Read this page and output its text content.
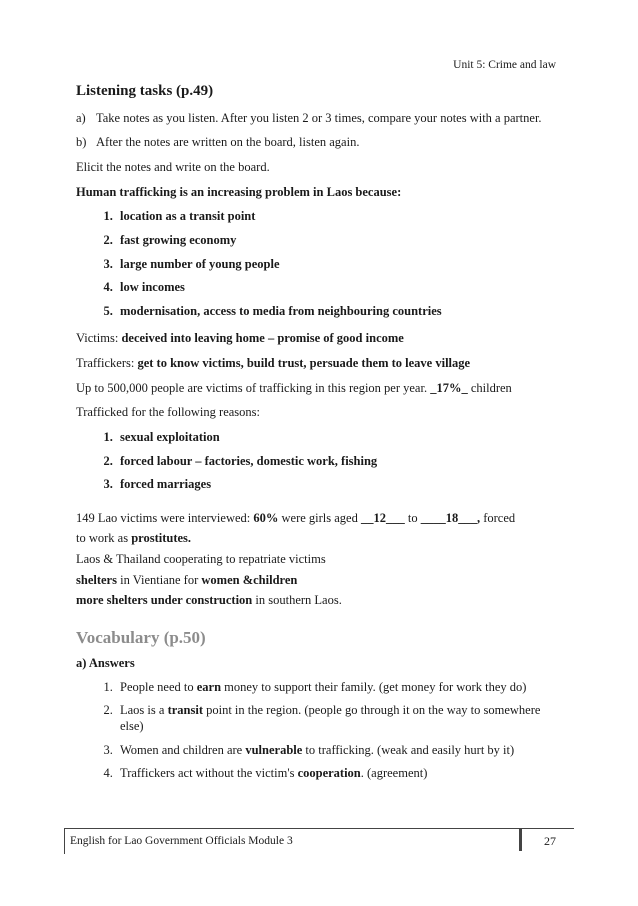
Unit 5: Crime and law
Listening tasks (p.49)

a) Take notes as you listen. After you listen 2 or 3 times, compare your notes with a partner.

b) After the notes are written on the board, listen again.

Elicit the notes and write on the board.

Human trafficking is an increasing problem in Laos because:

1. location as a transit point
2. fast growing economy
3. large number of young people
4. low incomes
5. modernisation, access to media from neighbouring countries

Victims: deceived into leaving home – promise of good income

Traffickers: get to know victims, build trust, persuade them to leave village

Up to 500,000 people are victims of trafficking in this region per year. _17%_ children

Trafficked for the following reasons:

1. sexual exploitation
2. forced labour – factories, domestic work, fishing
3. forced marriages

149 Lao victims were interviewed: 60% were girls aged __12___ to ____18___, forced

to work as prostitutes.

Laos & Thailand cooperating to repatriate victims

shelters in Vientiane for women &children

more shelters under construction in southern Laos.

Vocabulary (p.50)

a) Answers

1. People need to earn money to support their family. (get money for work they do)
2. Laos is a transit point in the region. (people go through it on the way to somewhere else)
3. Women and children are vulnerable to trafficking. (weak and easily hurt by it)
4. Traffickers act without the victim's cooperation. (agreement)
English for Lao Government Officials Module 3	27
